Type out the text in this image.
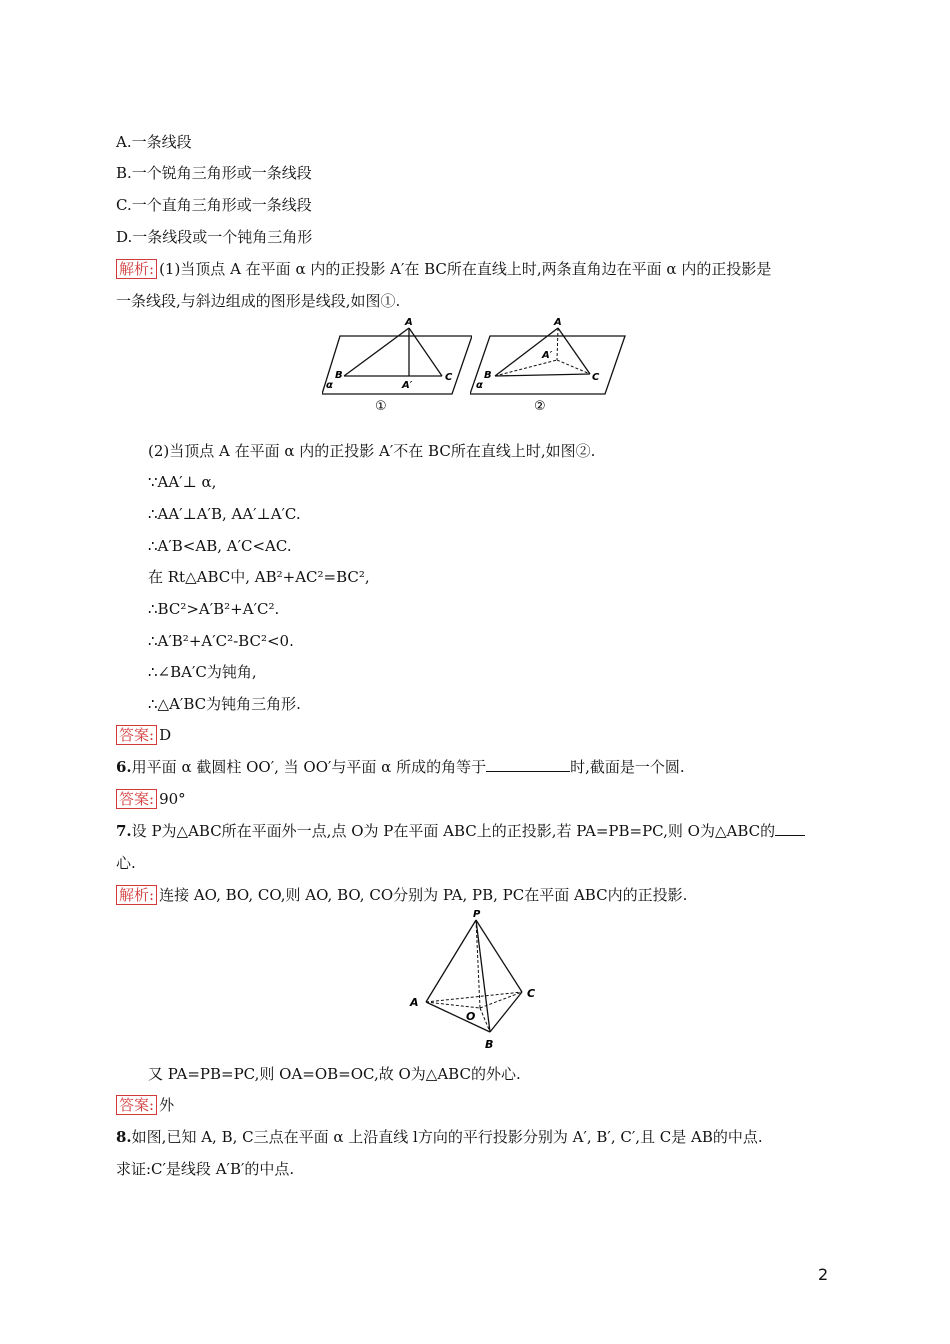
A.一条线段
B.一个锐角三角形或一条线段
C.一个直角三角形或一条线段
D.一条线段或一个钝角三角形
解析: (1)当顶点 A 在平面 α 内的正投影 A′在 BC所在直线上时,两条直角边在平面 α 内的正投影是
一条线段,与斜边组成的图形是线段,如图①.
A
B	C
A′
α
①
A
B	C
A′
α
②
(2)当顶点 A 在平面 α 内的正投影 A′不在 BC所在直线上时,如图②.
∵AA′⊥ α,
∴AA′⊥A′B, AA′⊥A′C.
∴A′B<AB, A′C<AC.
在 Rt△ABC中, AB²+AC²=BC²,
∴BC²>A′B²+A′C².
∴A′B²+A′C²-BC²<0.
∴∠BA′C为钝角,
∴△A′BC为钝角三角形.
答案: D
6.用平面 α 截圆柱 OO′, 当 OO′与平面 α 所成的角等于	时,截面是一个圆.
答案: 90°
7.设 P为△ABC所在平面外一点,点 O为 P在平面 ABC上的正投影,若 PA=PB=PC,则 O为△ABC的
心.
解析: 连接 AO, BO, CO,则 AO, BO, CO分别为 PA, PB, PC在平面 ABC内的正投影.
P
A
C
B
O
又 PA=PB=PC,则 OA=OB=OC,故 O为△ABC的外心.
答案: 外
8.如图,已知 A, B, C三点在平面 α 上沿直线 l方向的平行投影分别为 A′, B′, C′,且 C是 AB的中点.
求证:C′是线段 A′B′的中点.
2
